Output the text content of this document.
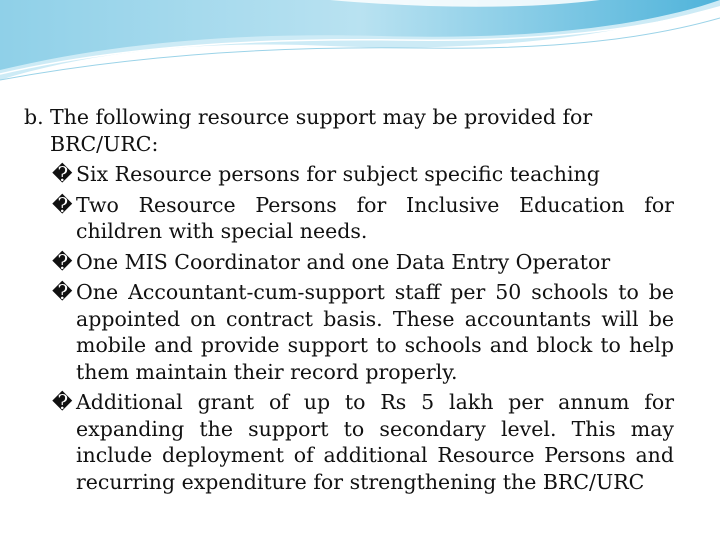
b. The following resource support may be provided for BRC/URC:

� Six Resource persons for subject specific teaching
� Two Resource Persons for Inclusive Education for children with special needs.
� One MIS Coordinator and one Data Entry Operator
� One Accountant-cum-support staff per 50 schools to be appointed on contract basis. These accountants will be mobile and provide support to schools and block to help them maintain their record properly.
� Additional grant of up to Rs 5 lakh per annum for expanding the support to secondary level. This may include deployment of additional Resource Persons and recurring expenditure for strengthening the BRC/URC
